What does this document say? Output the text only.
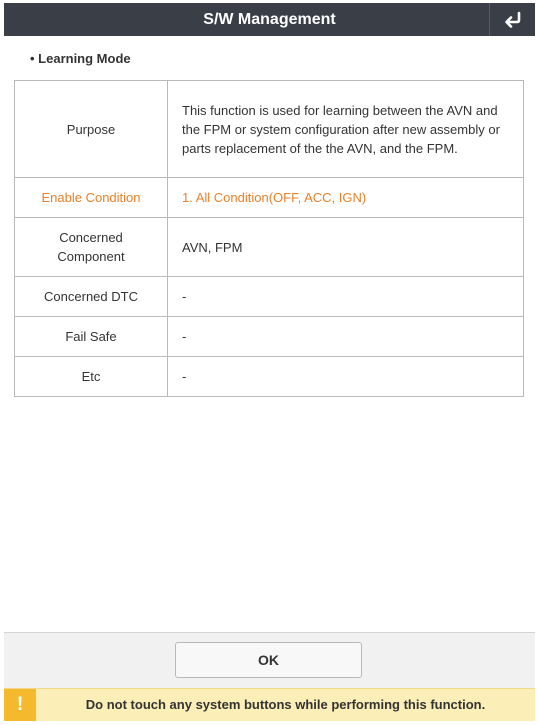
S/W Management
• Learning Mode
Purpose	This function is used for learning between the AVN and the FPM or system configuration after new assembly or parts replacement of the the AVN, and the FPM.
Enable Condition	1. All Condition(OFF, ACC, IGN)
Concerned Component	AVN, FPM
Concerned DTC	-
Fail Safe	-
Etc	-
OK
!	Do not touch any system buttons while performing this function.
